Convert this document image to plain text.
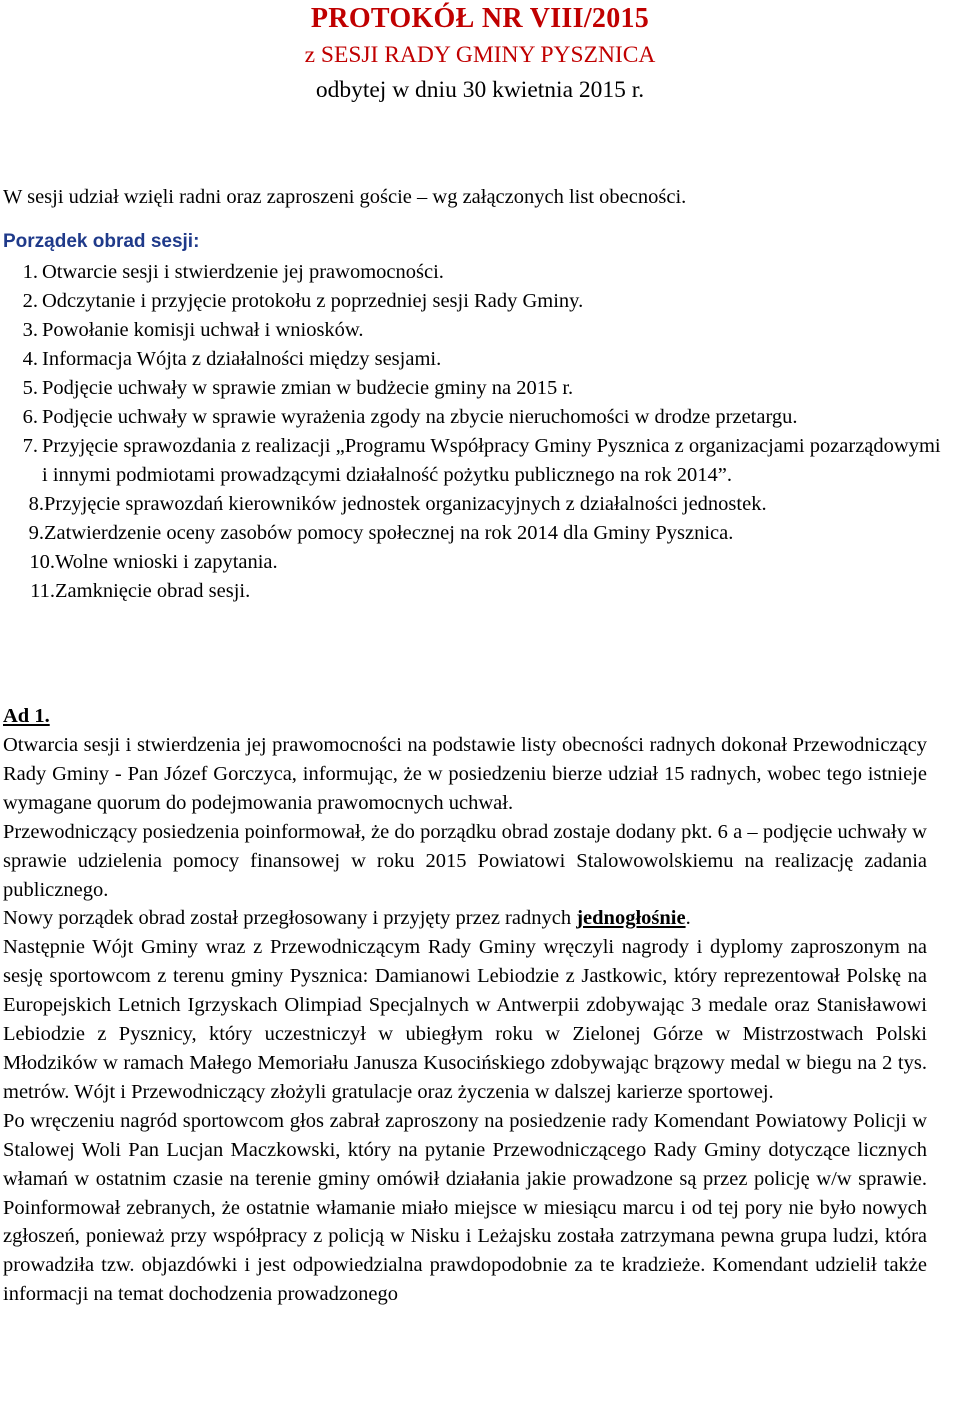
PROTOKÓŁ NR VIII/2015
z SESJI RADY GMINY PYSZNICA
odbytej w dniu 30 kwietnia 2015 r.

W sesji udział wzięli radni oraz zaproszeni goście – wg załączonych list obecności.

Porządek obrad sesji:
1. Otwarcie sesji i stwierdzenie jej prawomocności.
2. Odczytanie i przyjęcie protokołu z poprzedniej sesji Rady Gminy.
3. Powołanie komisji uchwał i wniosków.
4. Informacja Wójta z działalności między sesjami.
5. Podjęcie uchwały w sprawie zmian w budżecie gminy na 2015 r.
6. Podjęcie uchwały w sprawie wyrażenia zgody na zbycie nieruchomości w drodze przetargu.
7. Przyjęcie sprawozdania z realizacji „Programu Współpracy Gminy Pysznica z organizacjami pozarządowymi i innymi podmiotami prowadzącymi działalność pożytku publicznego na rok 2014”.
8. Przyjęcie sprawozdań kierowników jednostek organizacyjnych z działalności jednostek.
9. Zatwierdzenie oceny zasobów pomocy społecznej na rok 2014 dla Gminy Pysznica.
10. Wolne wnioski i zapytania.
11. Zamknięcie obrad sesji.
Ad 1.

Otwarcia sesji i stwierdzenia jej prawomocności na podstawie listy obecności radnych dokonał Przewodniczący Rady Gminy - Pan Józef Gorczyca, informując, że w posiedzeniu bierze udział 15 radnych, wobec tego istnieje wymagane quorum do podejmowania prawomocnych uchwał.

Przewodniczący posiedzenia poinformował, że do porządku obrad zostaje dodany pkt. 6 a – podjęcie uchwały w sprawie udzielenia pomocy finansowej w roku 2015 Powiatowi Stalowowolskiemu na realizację zadania publicznego.

Nowy porządek obrad został przegłosowany i przyjęty przez radnych jednogłośnie.

Następnie Wójt Gminy wraz z Przewodniczącym Rady Gminy wręczyli nagrody i dyplomy zaproszonym na sesję sportowcom z terenu gminy Pysznica: Damianowi Lebiodzie z Jastkowic, który reprezentował Polskę na Europejskich Letnich Igrzyskach Olimpiad Specjalnych w Antwerpii zdobywając 3 medale oraz Stanisławowi Lebiodzie z Pysznicy, który uczestniczył w ubiegłym roku w Zielonej Górze w Mistrzostwach Polski Młodzików w ramach Małego Memoriału Janusza Kusocińskiego zdobywając brązowy medal w biegu na 2 tys. metrów. Wójt i Przewodniczący złożyli gratulacje oraz życzenia w dalszej karierze sportowej.

Po wręczeniu nagród sportowcom głos zabrał zaproszony na posiedzenie rady Komendant Powiatowy Policji w Stalowej Woli Pan Lucjan Maczkowski, który na pytanie Przewodniczącego Rady Gminy dotyczące licznych włamań w ostatnim czasie na terenie gminy omówił działania jakie prowadzone są przez policję w/w sprawie. Poinformował zebranych, że ostatnie włamanie miało miejsce w miesiącu marcu i od tej pory nie było nowych zgłoszeń, ponieważ przy współpracy z policją w Nisku i Leżajsku została zatrzymana pewna grupa ludzi, która prowadziła tzw. objazdówki i jest odpowiedzialna prawdopodobnie za te kradzieże. Komendant udzielił także informacji na temat dochodzenia prowadzonego
